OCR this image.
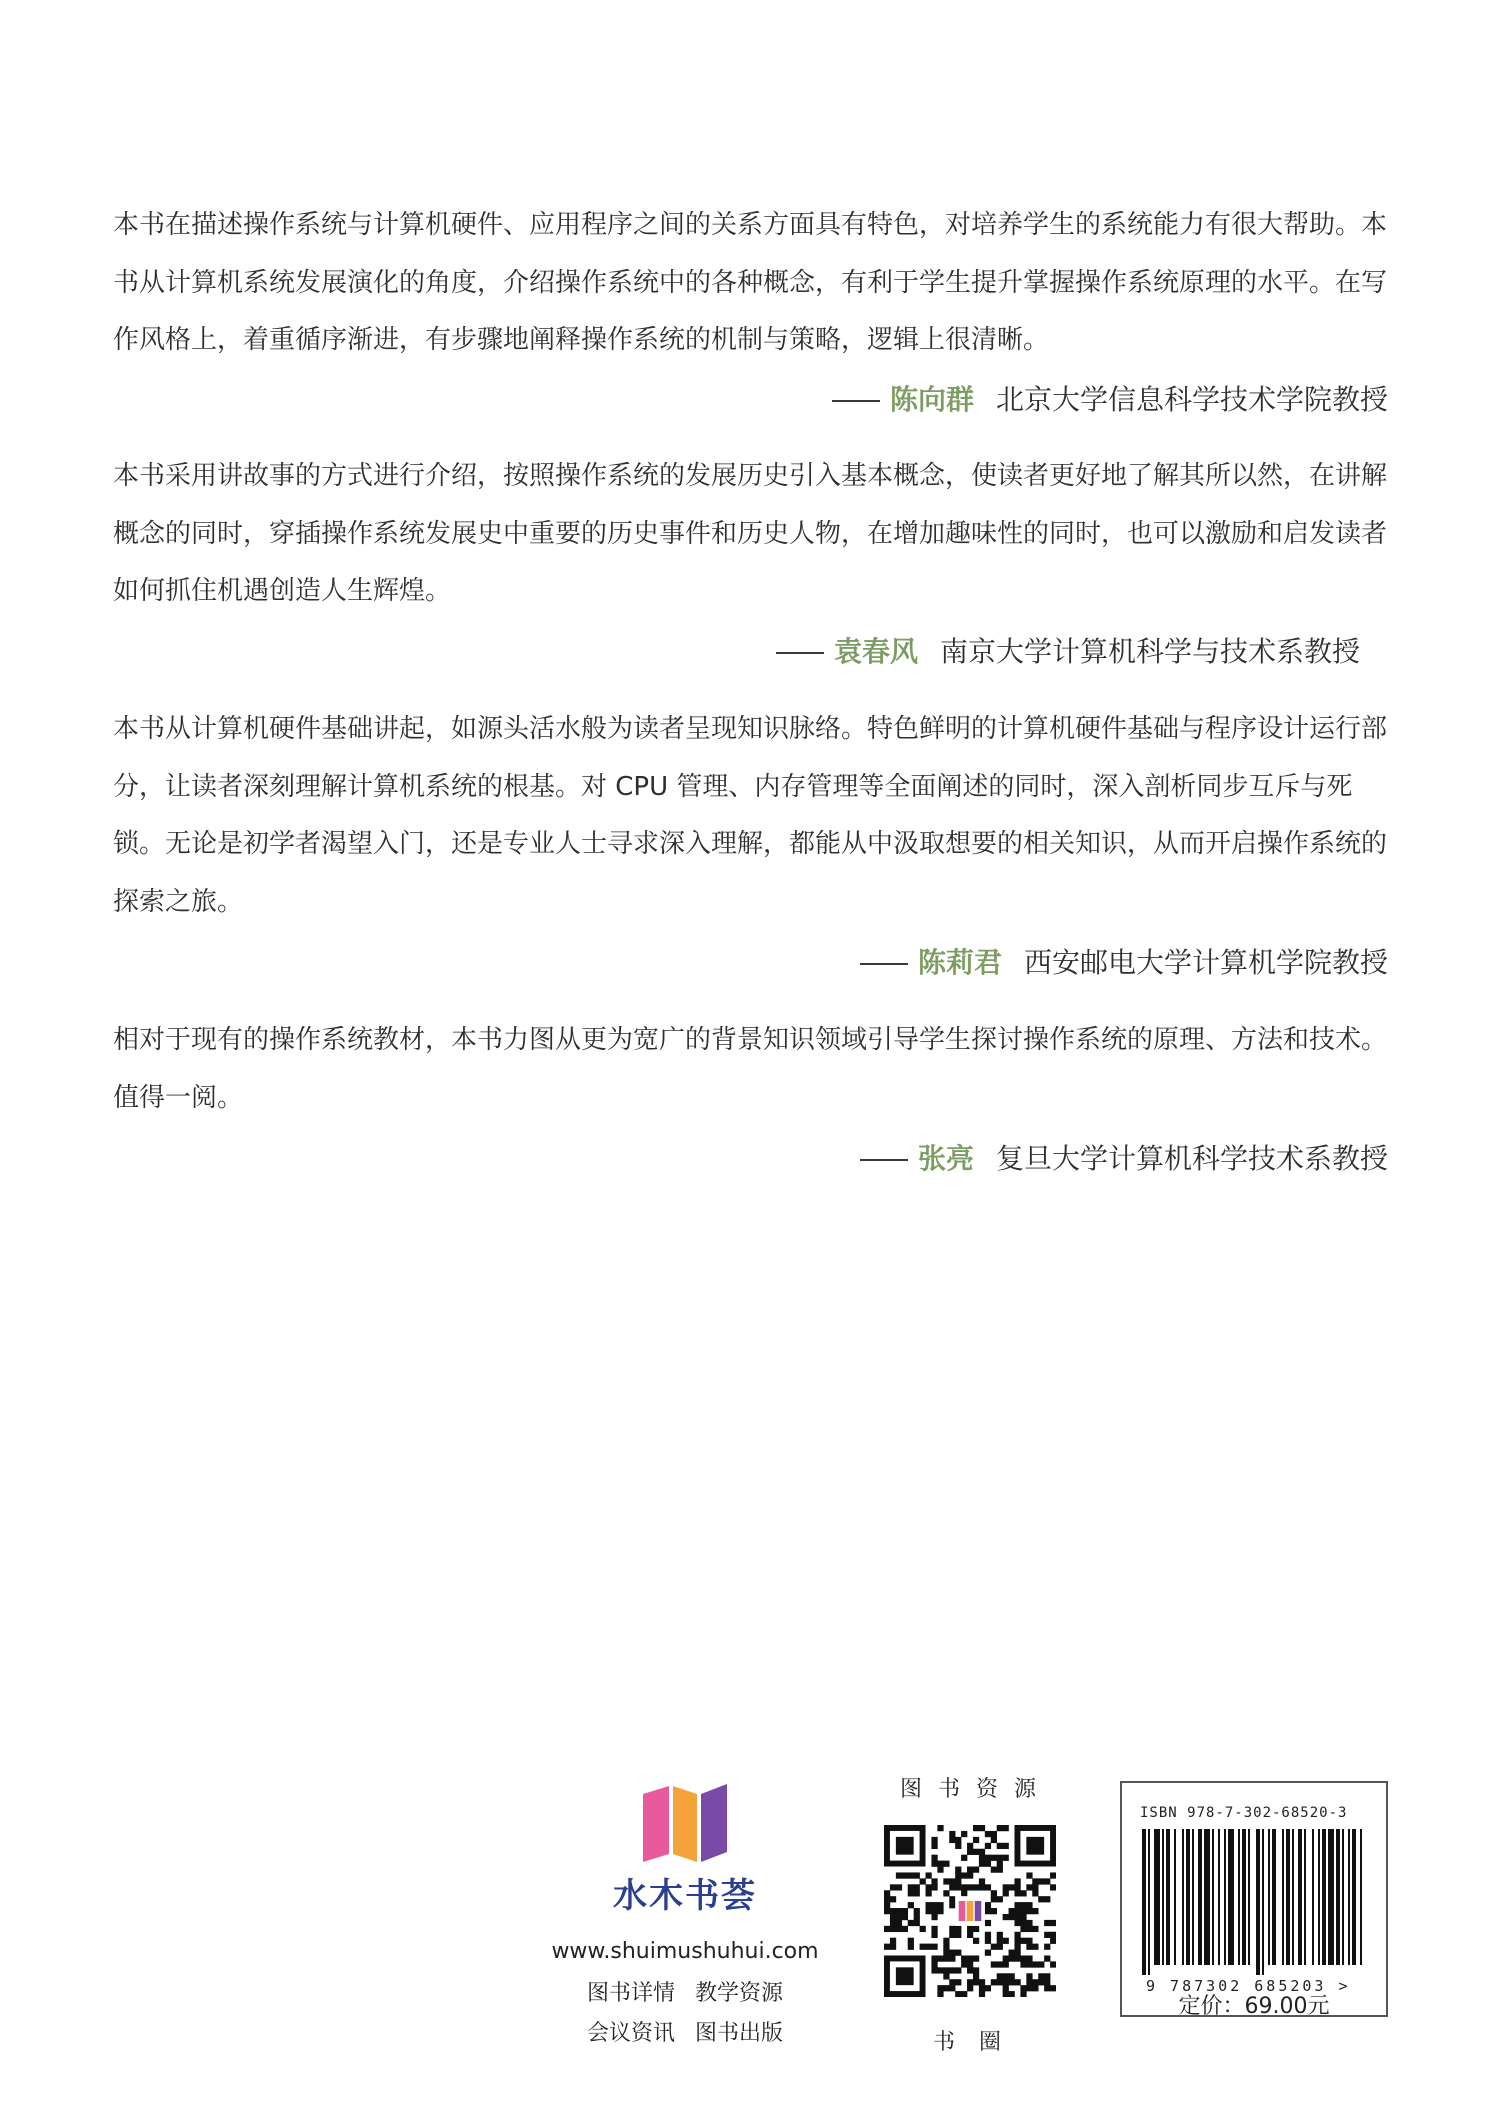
本书在描述操作系统与计算机硬件、应用程序之间的关系方面具有特色，对培养学生的系统能力有很大帮助。本书从计算机系统发展演化的角度，介绍操作系统中的各种概念，有利于学生提升掌握操作系统原理的水平。在写作风格上，着重循序渐进，有步骤地阐释操作系统的机制与策略，逻辑上很清晰。

陈向群 北京大学信息科学技术学院教授

本书采用讲故事的方式进行介绍，按照操作系统的发展历史引入基本概念，使读者更好地了解其所以然，在讲解概念的同时，穿插操作系统发展史中重要的历史事件和历史人物，在增加趣味性的同时，也可以激励和启发读者如何抓住机遇创造人生辉煌。

袁春风 南京大学计算机科学与技术系教授

本书从计算机硬件基础讲起，如源头活水般为读者呈现知识脉络。特色鲜明的计算机硬件基础与程序设计运行部分，让读者深刻理解计算机系统的根基。对 CPU 管理、内存管理等全面阐述的同时，深入剖析同步互斥与死锁。无论是初学者渴望入门，还是专业人士寻求深入理解，都能从中汲取想要的相关知识，从而开启操作系统的探索之旅。

陈莉君 西安邮电大学计算机学院教授

相对于现有的操作系统教材，本书力图从更为宽广的背景知识领域引导学生探讨操作系统的原理、方法和技术。值得一阅。

张亮 复旦大学计算机科学技术系教授
水木书荟
www.shuimushuhui.com
图书详情 教学资源
会议资讯 图书出版
图书资源
书圈
ISBN 978-7-302-68520-3
9 787302 685203 >
定价：69.00元
